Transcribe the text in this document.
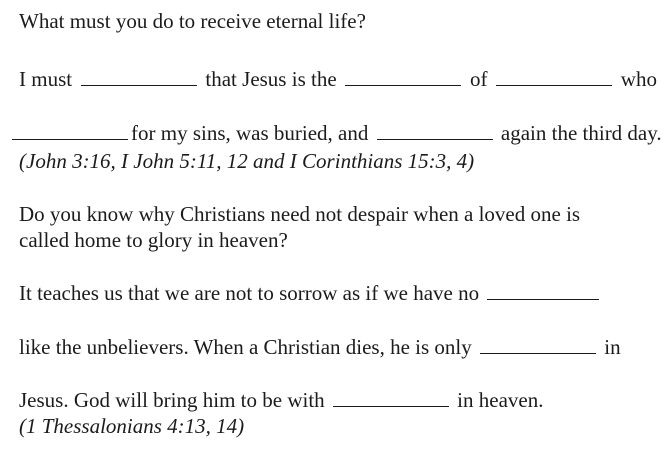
What must you do to receive eternal life?
I must	that Jesus is the	of	who
for my sins, was buried, and	again the third day.
(John 3:16, I John 5:11, 12 and I Corinthians 15:3, 4)
Do you know why Christians need not despair when a loved one is
called home to glory in heaven?
It teaches us that we are not to sorrow as if we have no
like the unbelievers. When a Christian dies, he is only	in
Jesus. God will bring him to be with	in heaven.
(1 Thessalonians 4:13, 14)
